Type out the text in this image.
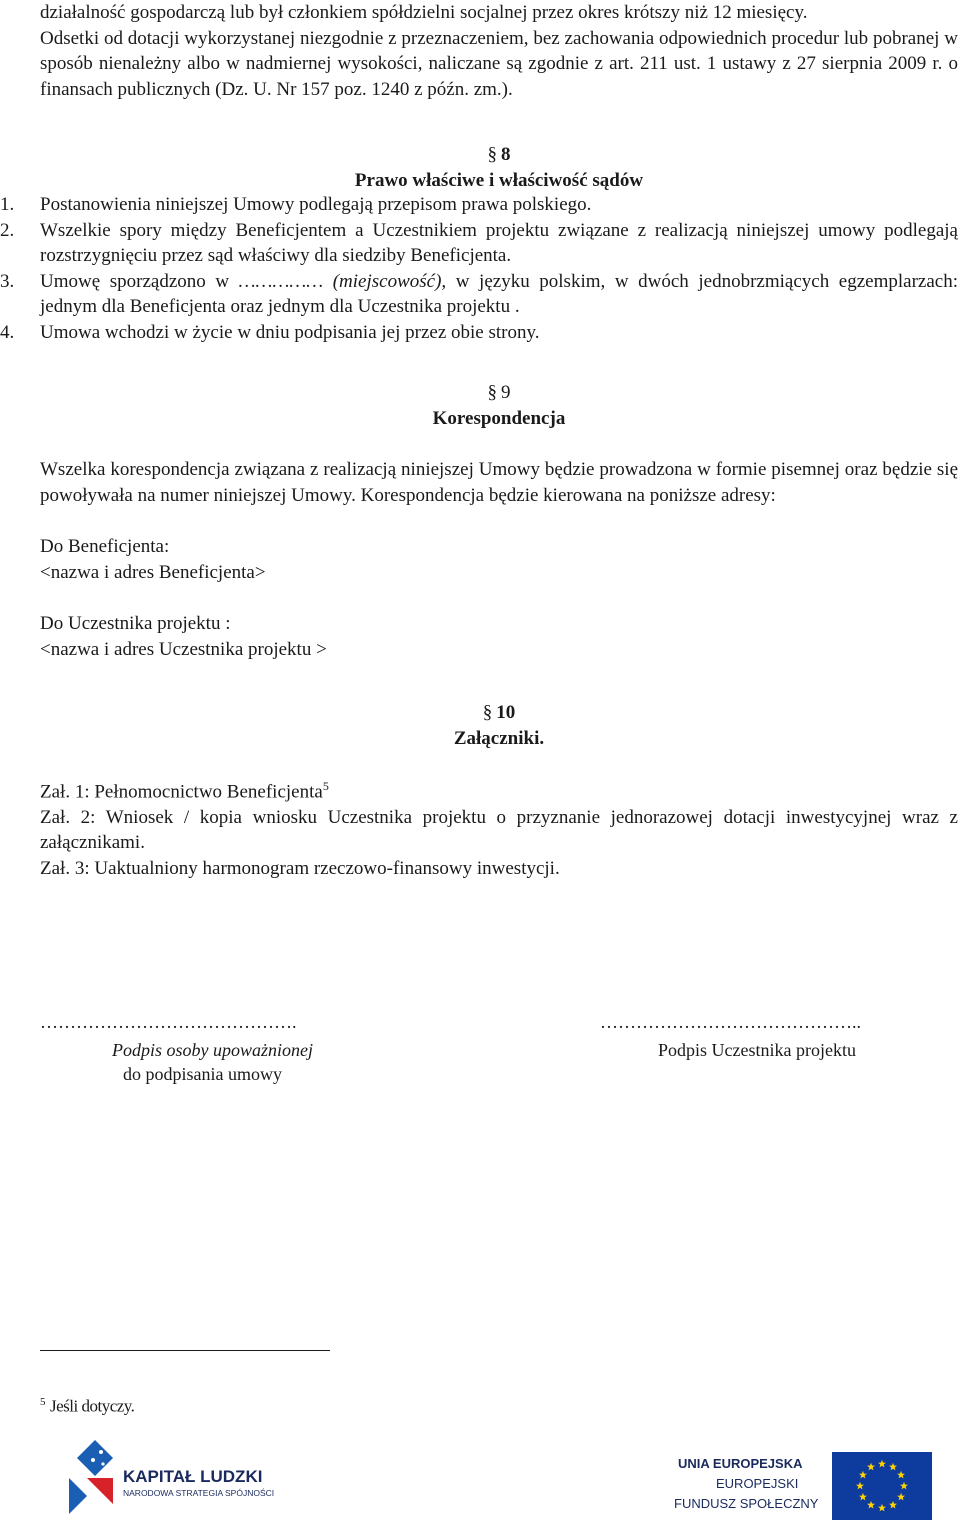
działalność gospodarczą lub był członkiem spółdzielni socjalnej przez okres krótszy niż 12 miesięcy.
Odsetki od dotacji wykorzystanej niezgodnie z przeznaczeniem, bez zachowania odpowiednich procedur lub pobranej w sposób nienależny albo w nadmiernej wysokości, naliczane są zgodnie z art. 211 ust. 1 ustawy z 27 sierpnia 2009 r. o finansach publicznych (Dz. U. Nr 157 poz. 1240 z późn. zm.).
§ 8
Prawo właściwe i właściwość sądów
1. Postanowienia niniejszej Umowy podlegają przepisom prawa polskiego.
2. Wszelkie spory między Beneficjentem a Uczestnikiem projektu związane z realizacją niniejszej umowy podlegają rozstrzygnięciu przez sąd właściwy dla siedziby Beneficjenta.
3. Umowę sporządzono w …………… (miejscowość), w języku polskim, w dwóch jednobrzmiących egzemplarzach: jednym dla Beneficjenta oraz jednym dla Uczestnika projektu .
4. Umowa wchodzi w życie w dniu podpisania jej przez obie strony.
§ 9
Korespondencja
Wszelka korespondencja związana z realizacją niniejszej Umowy będzie prowadzona w formie pisemnej oraz będzie się powoływała na numer niniejszej Umowy. Korespondencja będzie kierowana na poniższe adresy:
Do Beneficjenta:
<nazwa i adres Beneficjenta>
Do Uczestnika projektu :
<nazwa i adres Uczestnika projektu >
§ 10
Załączniki.
Zał. 1: Pełnomocnictwo Beneficjenta$^5$
Zał. 2: Wniosek / kopia wniosku Uczestnika projektu o przyznanie jednorazowej dotacji inwestycyjnej wraz z załącznikami.
Zał. 3: Uaktualniony harmonogram rzeczowo-finansowy inwestycji.
…………………………………….
Podpis osoby upoważnionej
do podpisania umowy
……………………………………..
Podpis Uczestnika projektu
$^5$ Jeśli dotyczy.
KAPITAŁ LUDZKI
NARODOWA STRATEGIA SPÓJNOŚCI
UNIA EUROPEJSKA
EUROPEJSKI
FUNDUSZ SPOŁECZNY
